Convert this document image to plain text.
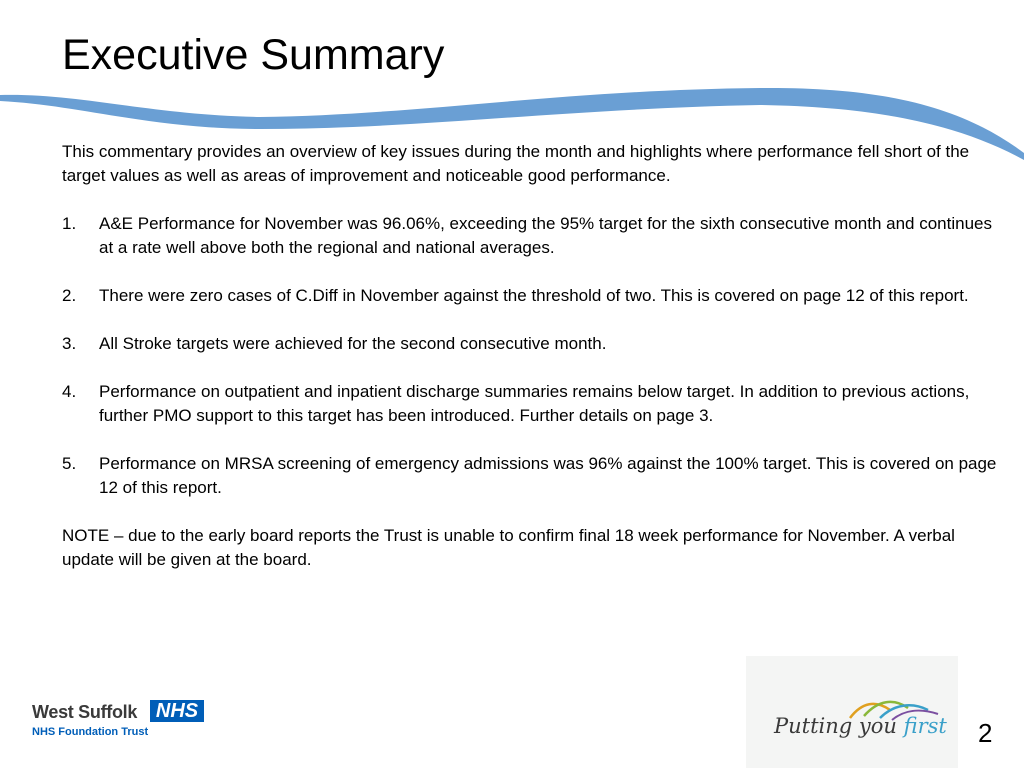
Executive Summary

This commentary provides an overview of key issues during the month and highlights where performance fell short of the target values as well as areas of improvement and noticeable good performance.

1. A&E Performance for November was 96.06%, exceeding the 95% target for the sixth consecutive month and continues at a rate well above both the regional and national averages.
2. There were zero cases of C.Diff in November against the threshold of two. This is covered on page 12 of this report.
3. All Stroke targets were achieved for the second consecutive month.
4. Performance on outpatient and inpatient discharge summaries remains below target. In addition to previous actions, further PMO support to this target has been introduced. Further details on page 3.
5. Performance on MRSA screening of emergency admissions was 96% against the 100% target. This is covered on page 12 of this report.

NOTE – due to the early board reports the Trust is unable to confirm final 18 week performance for November. A verbal update will be given at the board.

West Suffolk NHS
NHS Foundation Trust	Putting you first 2
